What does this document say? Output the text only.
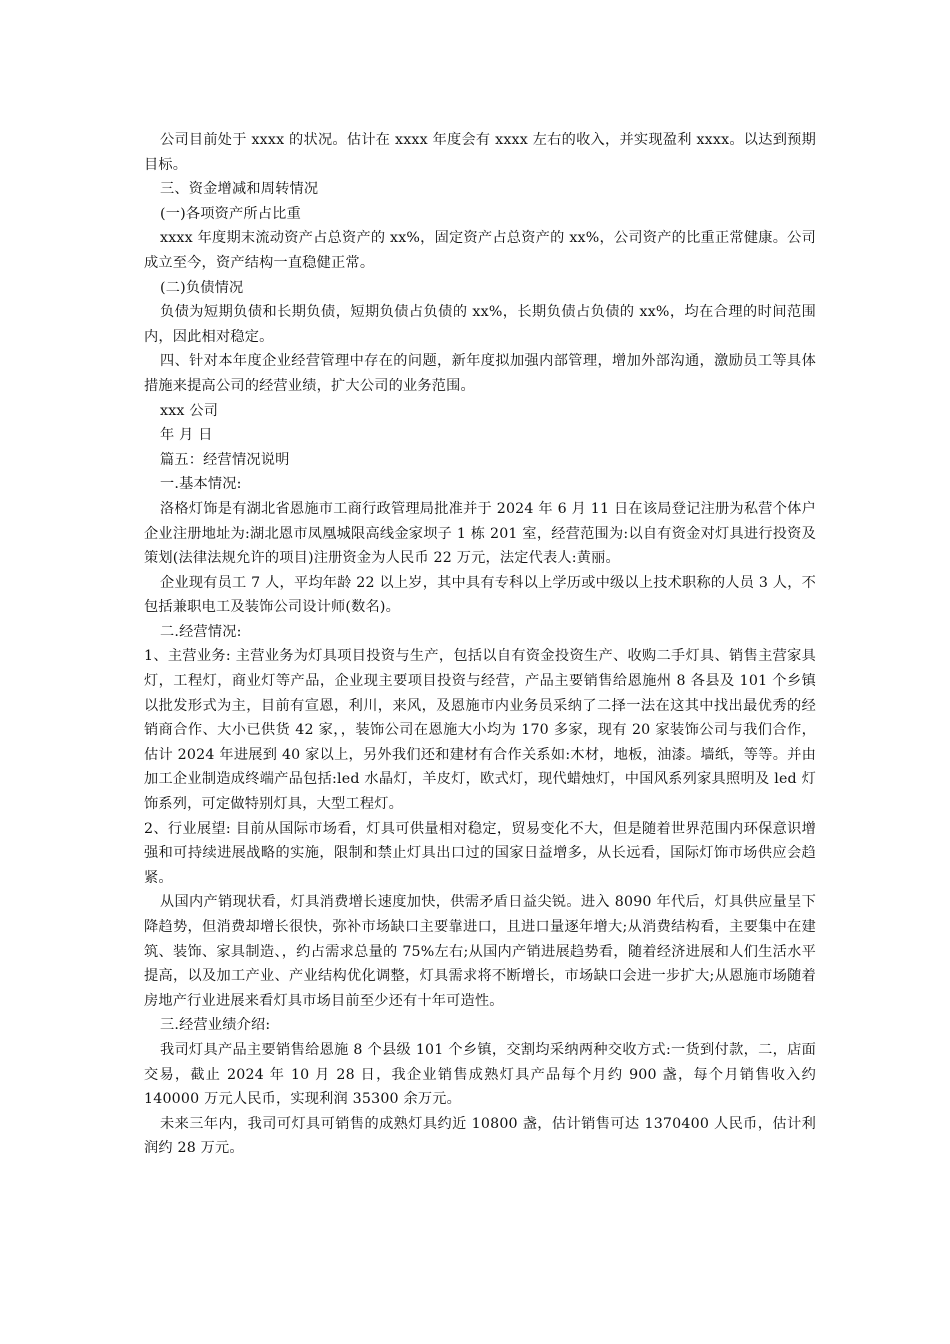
公司目前处于 xxxx 的状况。估计在 xxxx 年度会有 xxxx 左右的收入，并实现盈利 xxxx。以达到预期目标。

三、资金增减和周转情况

(一)各项资产所占比重

xxxx 年度期末流动资产占总资产的 xx%，固定资产占总资产的 xx%，公司资产的比重正常健康。公司成立至今，资产结构一直稳健正常。

(二)负债情况

负债为短期负债和长期负债，短期负债占负债的 xx%，长期负债占负债的 xx%，均在合理的时间范围内，因此相对稳定。

四、针对本年度企业经营管理中存在的问题，新年度拟加强内部管理，增加外部沟通，激励员工等具体措施来提高公司的经营业绩，扩大公司的业务范围。

xxx 公司

年 月 日

篇五：经营情况说明

一.基本情况:

洛格灯饰是有湖北省恩施市工商行政管理局批准并于 2024 年 6 月 11 日在该局登记注册为私营个体户企业注册地址为:湖北恩市凤凰城限高线金家坝子 1 栋 201 室，经营范围为:以自有资金对灯具进行投资及策划(法律法规允许的项目)注册资金为人民币 22 万元，法定代表人:黄丽。

企业现有员工 7 人，平均年龄 22 以上岁，其中具有专科以上学历或中级以上技术职称的人员 3 人，不包括兼职电工及装饰公司设计师(数名)。

二.经营情况:

1、主营业务: 主营业务为灯具项目投资与生产，包括以自有资金投资生产、收购二手灯具、销售主营家具灯，工程灯，商业灯等产品，企业现主要项目投资与经营，产品主要销售给恩施州 8 各县及 101 个乡镇以批发形式为主，目前有宣恩，利川，来风，及恩施市内业务员采纳了二择一法在这其中找出最优秀的经销商合作、大小已供货 42 家，，装饰公司在恩施大小均为 170 多家，现有 20 家装饰公司与我们合作，估计 2024 年进展到 40 家以上，另外我们还和建材有合作关系如:木材，地板，油漆。墙纸，等等。并由加工企业制造成终端产品包括:led 水晶灯，羊皮灯，欧式灯，现代蜡烛灯，中国风系列家具照明及 led 灯饰系列，可定做特别灯具，大型工程灯。

2、行业展望: 目前从国际市场看，灯具可供量相对稳定，贸易变化不大，但是随着世界范围内环保意识增强和可持续进展战略的实施，限制和禁止灯具出口过的国家日益增多，从长远看，国际灯饰市场供应会趋紧。

从国内产销现状看，灯具消费增长速度加快，供需矛盾日益尖锐。进入 8090 年代后，灯具供应量呈下降趋势，但消费却增长很快，弥补市场缺口主要靠进口，且进口量逐年增大;从消费结构看，主要集中在建筑、装饰、家具制造、，约占需求总量的 75%左右;从国内产销进展趋势看，随着经济进展和人们生活水平提高，以及加工产业、产业结构优化调整，灯具需求将不断增长，市场缺口会进一步扩大;从恩施市场随着房地产行业进展来看灯具市场目前至少还有十年可造性。

三.经营业绩介绍:

我司灯具产品主要销售给恩施 8 个县级 101 个乡镇，交割均采纳两种交收方式:一货到付款，二，店面交易，截止 2024 年 10 月 28 日，我企业销售成熟灯具产品每个月约 900 盏，每个月销售收入约 140000 万元人民币，实现利润 35300 余万元。

未来三年内，我司可灯具可销售的成熟灯具约近 10800 盏，估计销售可达 1370400 人民币，估计利润约 28 万元。
